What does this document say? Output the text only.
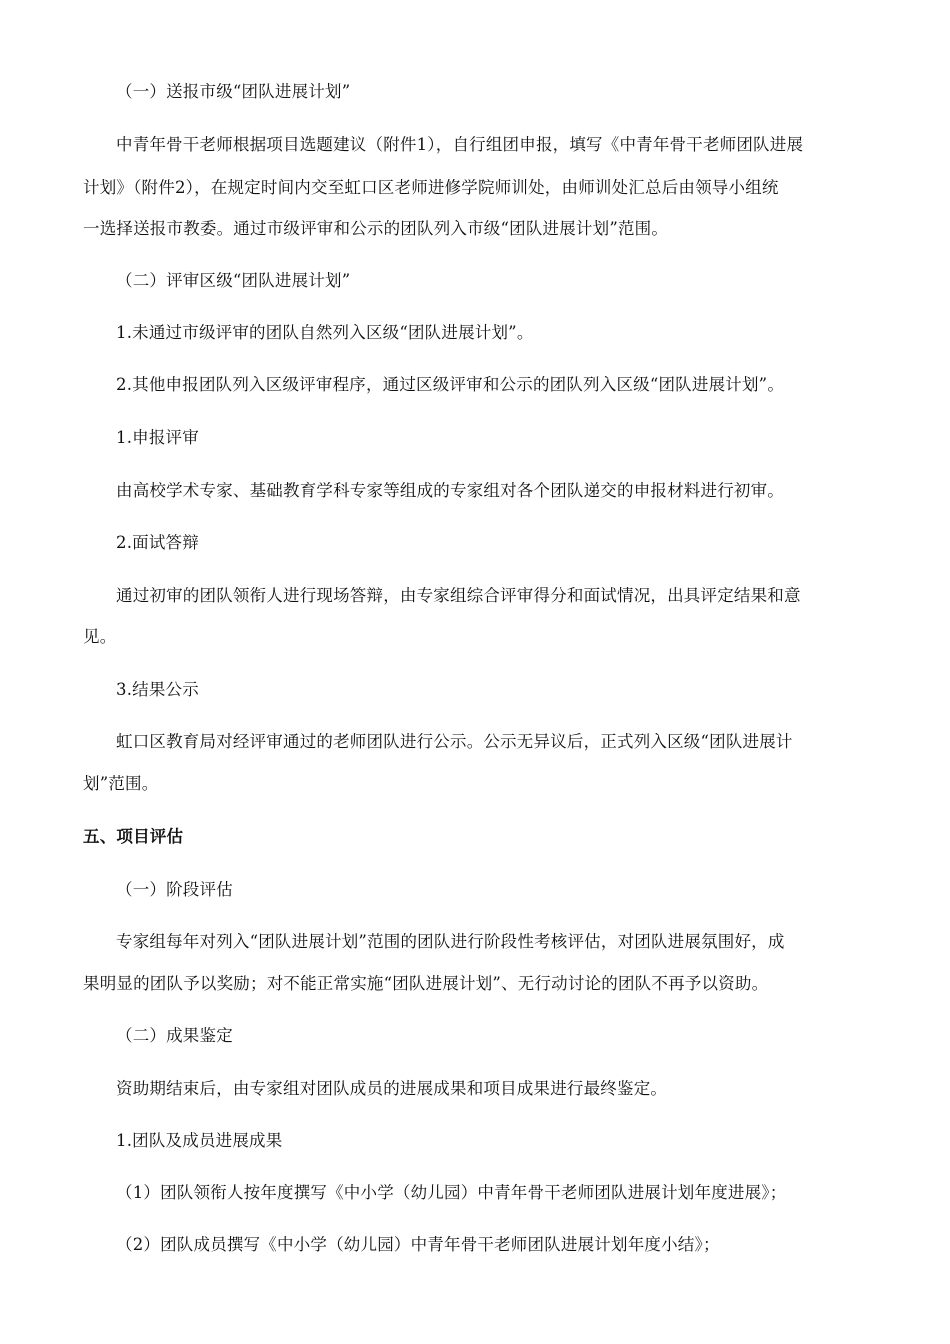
（一）送报市级“团队进展计划”
中青年骨干老师根据项目选题建议（附件1），自行组团申报，填写《中青年骨干老师团队进展
计划》（附件2），在规定时间内交至虹口区老师进修学院师训处，由师训处汇总后由领导小组统
一选择送报市教委。通过市级评审和公示的团队列入市级“团队进展计划”范围。
（二）评审区级“团队进展计划”
1.未通过市级评审的团队自然列入区级“团队进展计划”。
2.其他申报团队列入区级评审程序，通过区级评审和公示的团队列入区级“团队进展计划”。
1.申报评审
由高校学术专家、基础教育学科专家等组成的专家组对各个团队递交的申报材料进行初审。
2.面试答辩
通过初审的团队领衔人进行现场答辩，由专家组综合评审得分和面试情况，出具评定结果和意
见。
3.结果公示
虹口区教育局对经评审通过的老师团队进行公示。公示无异议后，正式列入区级“团队进展计
划”范围。
五、项目评估
（一）阶段评估
专家组每年对列入“团队进展计划”范围的团队进行阶段性考核评估，对团队进展氛围好，成
果明显的团队予以奖励；对不能正常实施“团队进展计划”、无行动讨论的团队不再予以资助。
（二）成果鉴定
资助期结束后，由专家组对团队成员的进展成果和项目成果进行最终鉴定。
1.团队及成员进展成果
（1）团队领衔人按年度撰写《中小学（幼儿园）中青年骨干老师团队进展计划年度进展》；
（2）团队成员撰写《中小学（幼儿园）中青年骨干老师团队进展计划年度小结》；
